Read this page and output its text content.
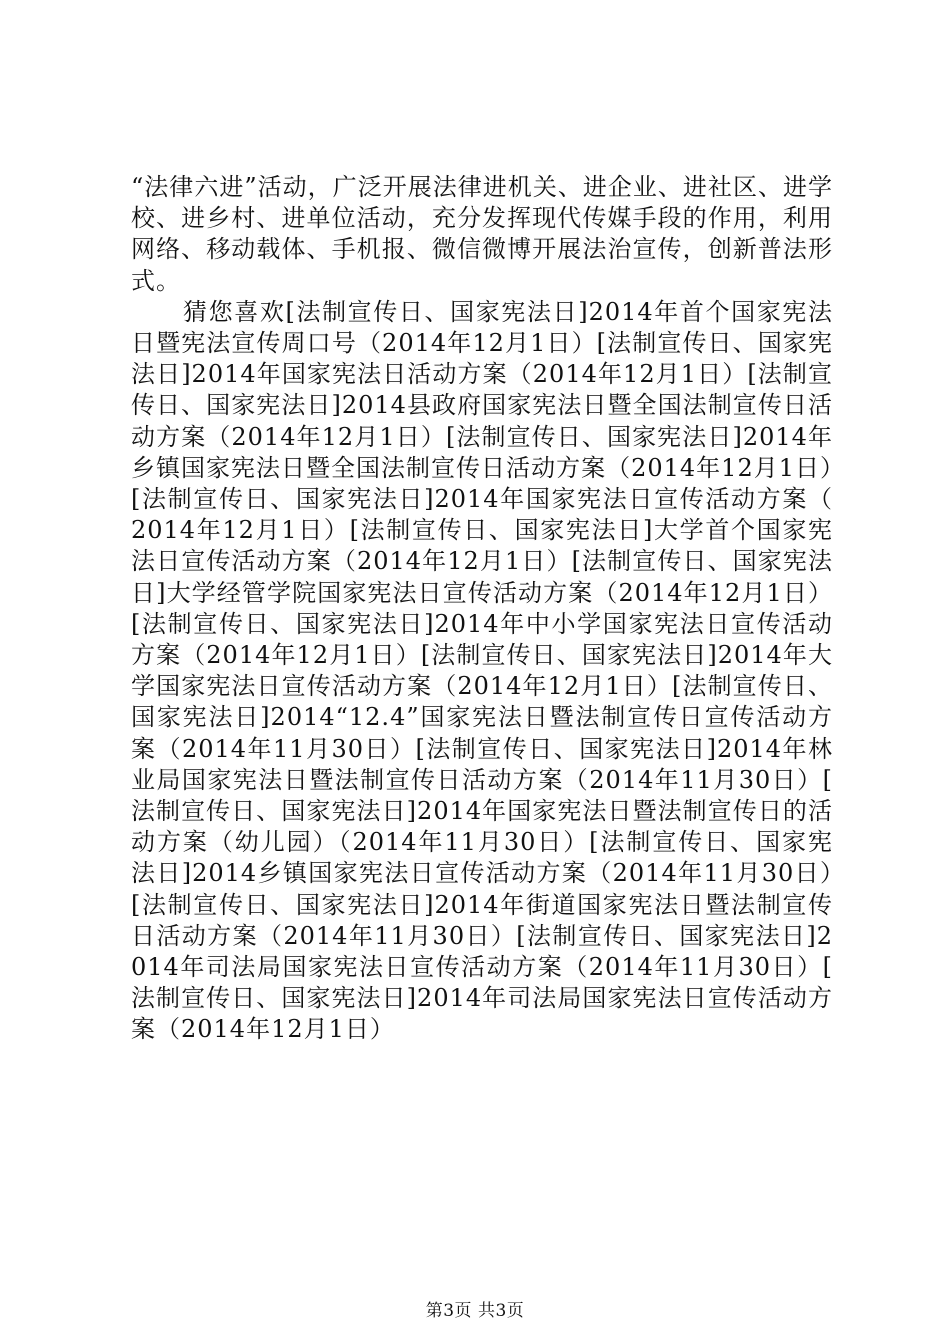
“法律六进”活动，广泛开展法律进机关、进企业、进社区、进学校、进乡村、进单位活动，充分发挥现代传媒手段的作用，利用网络、移动载体、手机报、微信微博开展法治宣传，创新普法形式。

猜您喜欢[法制宣传日、国家宪法日]2014年首个国家宪法日暨宪法宣传周口号（2014年12月1日）[法制宣传日、国家宪法日]2014年国家宪法日活动方案（2014年12月1日）[法制宣传日、国家宪法日]2014县政府国家宪法日暨全国法制宣传日活动方案（2014年12月1日）[法制宣传日、国家宪法日]2014年乡镇国家宪法日暨全国法制宣传日活动方案（2014年12月1日）[法制宣传日、国家宪法日]2014年国家宪法日宣传活动方案（2014年12月1日）[法制宣传日、国家宪法日]大学首个国家宪法日宣传活动方案（2014年12月1日）[法制宣传日、国家宪法日]大学经管学院国家宪法日宣传活动方案（2014年12月1日）[法制宣传日、国家宪法日]2014年中小学国家宪法日宣传活动方案（2014年12月1日）[法制宣传日、国家宪法日]2014年大学国家宪法日宣传活动方案（2014年12月1日）[法制宣传日、国家宪法日]2014“12.4”国家宪法日暨法制宣传日宣传活动方案（2014年11月30日）[法制宣传日、国家宪法日]2014年林业局国家宪法日暨法制宣传日活动方案（2014年11月30日）[法制宣传日、国家宪法日]2014年国家宪法日暨法制宣传日的活动方案（幼儿园）（2014年11月30日）[法制宣传日、国家宪法日]2014乡镇国家宪法日宣传活动方案（2014年11月30日）[法制宣传日、国家宪法日]2014年街道国家宪法日暨法制宣传日活动方案（2014年11月30日）[法制宣传日、国家宪法日]2014年司法局国家宪法日宣传活动方案（2014年11月30日）[法制宣传日、国家宪法日]2014年司法局国家宪法日宣传活动方案（2014年12月1日）

第3页 共3页
